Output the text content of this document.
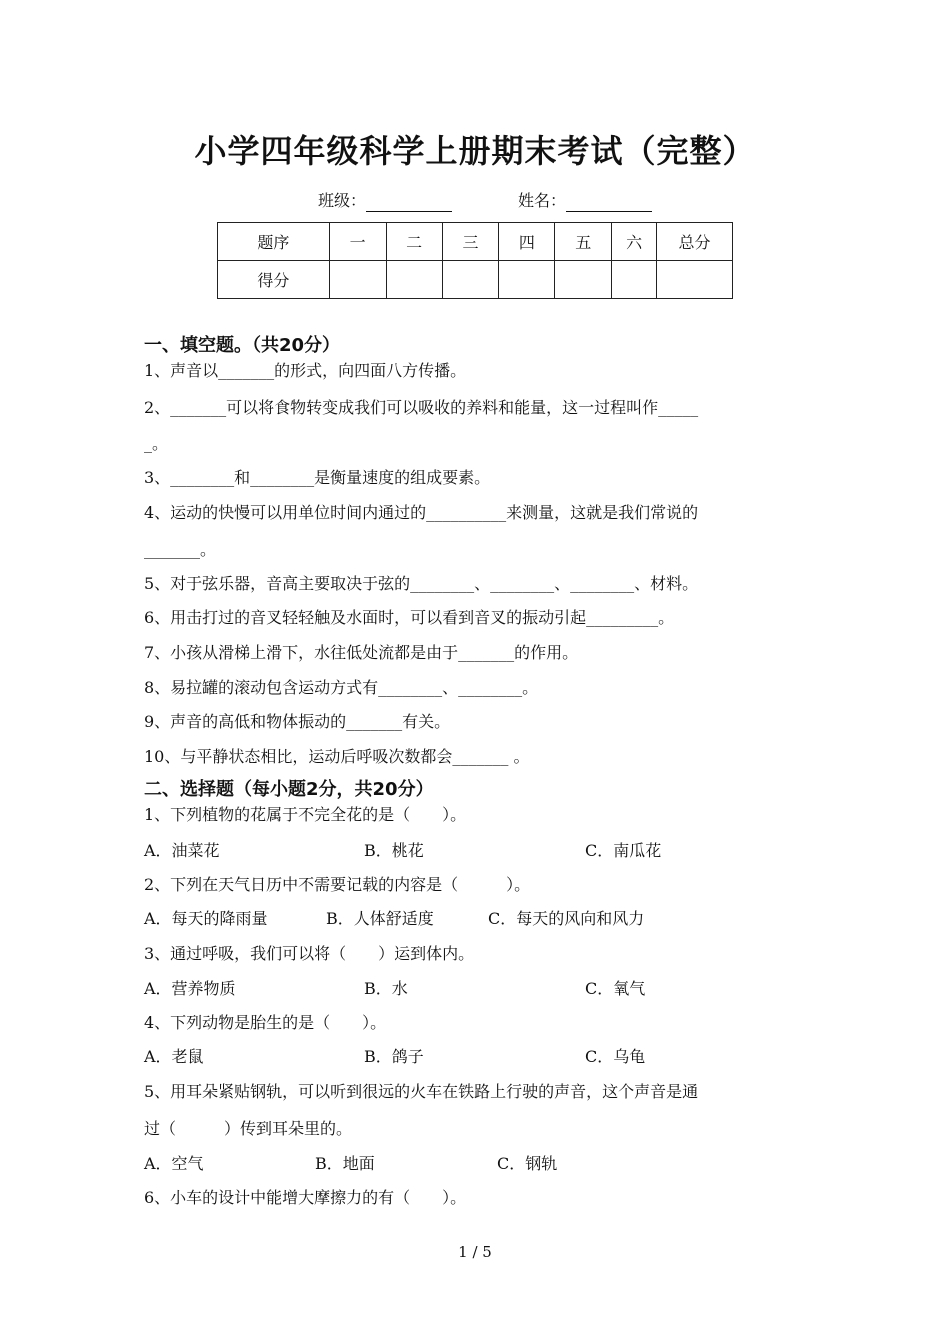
小学四年级科学上册期末考试（完整）
班级：	姓名：
题序	一	二	三	四	五	六	总分
得分							
一、填空题。（共20分）
1、声音以_______的形式，向四面八方传播。
2、_______可以将食物转变成我们可以吸收的养料和能量，这一过程叫作_____
_。
3、________和________是衡量速度的组成要素。
4、运动的快慢可以用单位时间内通过的__________来测量，这就是我们常说的
_______。
5、对于弦乐器，音高主要取决于弦的________、________、________、材料。
6、用击打过的音叉轻轻触及水面时，可以看到音叉的振动引起_________。
7、小孩从滑梯上滑下，水往低处流都是由于_______的作用。
8、易拉罐的滚动包含运动方式有________、________。
9、声音的高低和物体振动的_______有关。
10、与平静状态相比，运动后呼吸次数都会_______ 。
二、选择题（每小题2分，共20分）
1、下列植物的花属于不完全花的是（　　）。
A．油菜花	B．桃花	C．南瓜花
2、下列在天气日历中不需要记载的内容是（　　　）。
A．每天的降雨量	B．人体舒适度	C．每天的风向和风力
3、通过呼吸，我们可以将（　　）运到体内。
A．营养物质	B．水	C．氧气
4、下列动物是胎生的是（　　）。
A．老鼠	B．鸽子	C．乌龟
5、用耳朵紧贴钢轨，可以听到很远的火车在铁路上行驶的声音，这个声音是通
过（　　　）传到耳朵里的。
A．空气	B．地面	C．钢轨
6、小车的设计中能增大摩擦力的有（　　）。
1 / 5
